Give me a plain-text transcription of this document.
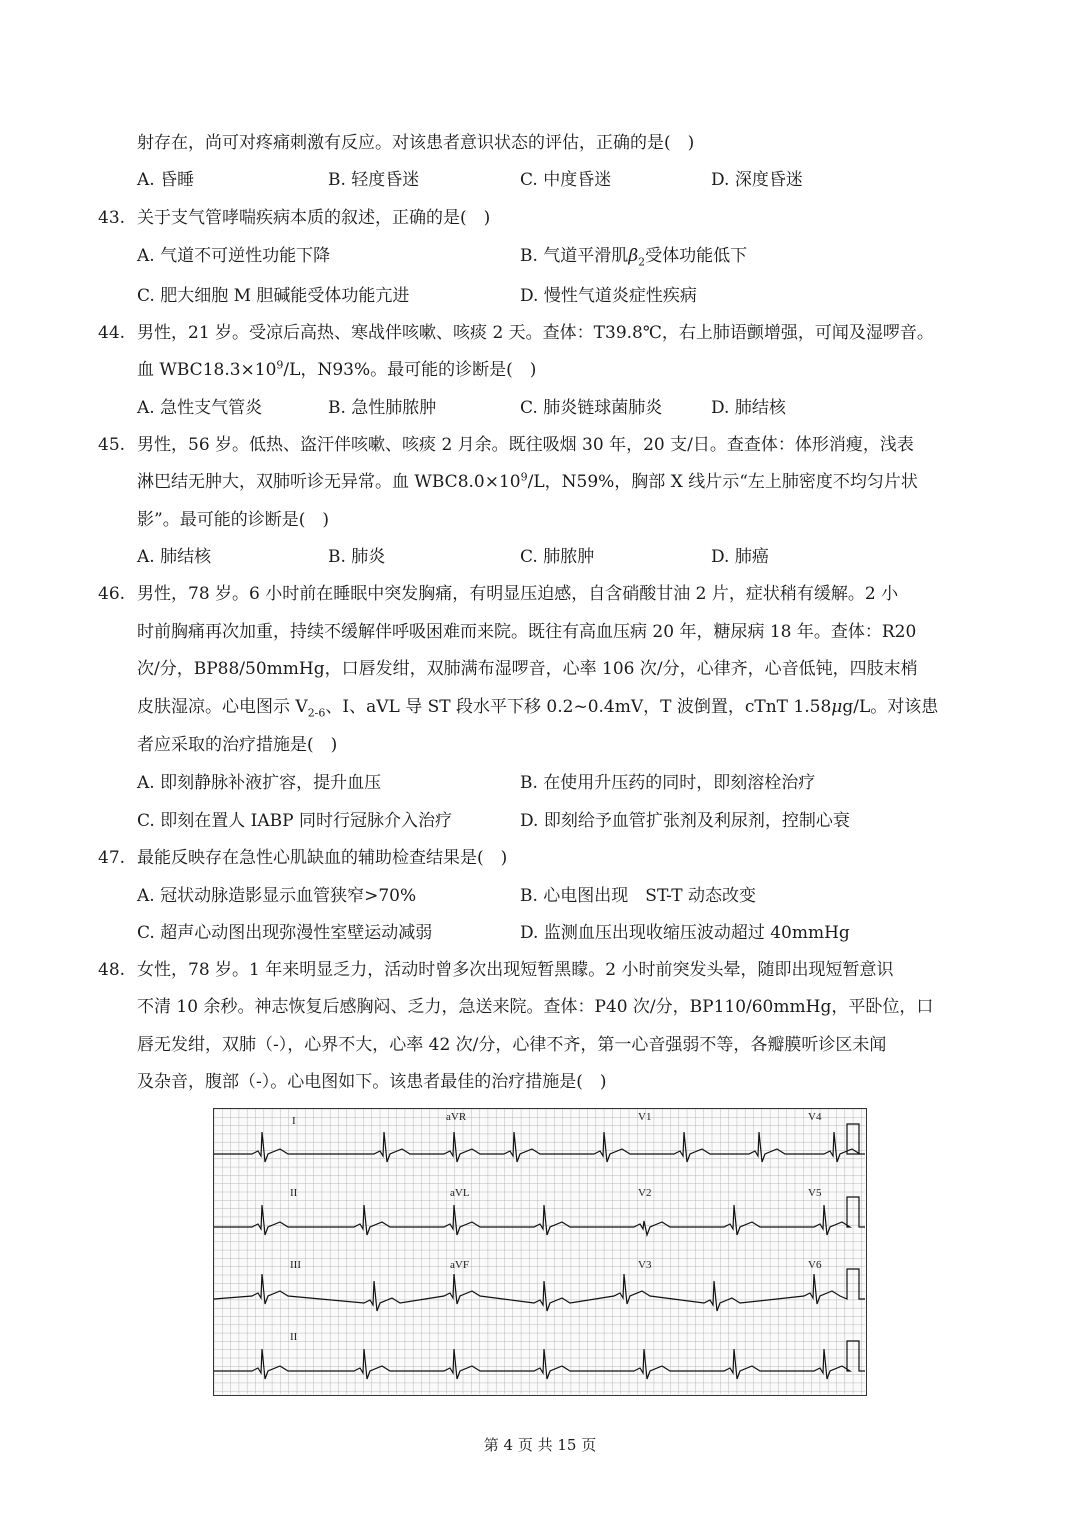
射存在，尚可对疼痛刺激有反应。对该患者意识状态的评估，正确的是(　)
A. 昏睡	B. 轻度昏迷	C. 中度昏迷	D. 深度昏迷
43. 关于支气管哮喘疾病本质的叙述，正确的是(　)
A. 气道不可逆性功能下降	B. 气道平滑肌$\beta_2$受体功能低下
C. 肥大细胞 M 胆碱能受体功能亢进	D. 慢性气道炎症性疾病
44. 男性，21 岁。受凉后高热、寒战伴咳嗽、咳痰 2 天。查体：T39.8℃，右上肺语颤增强，可闻及湿啰音。
血 $WBC18.3\times 10^9/L$，N93%。最可能的诊断是(　)
A. 急性支气管炎	B. 急性肺脓肿	C. 肺炎链球菌肺炎	D. 肺结核
45. 男性，56 岁。低热、盗汗伴咳嗽、咳痰 2 月余。既往吸烟 30 年，20 支/日。查查体：体形消瘦，浅表
淋巴结无肿大，双肺听诊无异常。血 $WBC8.0\times 10^9/L$，N59%，胸部 X 线片示“左上肺密度不均匀片状
影”。最可能的诊断是(　)
A. 肺结核	B. 肺炎	C. 肺脓肿	D. 肺癌
46. 男性，78 岁。6 小时前在睡眠中突发胸痛，有明显压迫感，自含硝酸甘油 2 片，症状稍有缓解。2 小
时前胸痛再次加重，持续不缓解伴呼吸困难而来院。既往有高血压病 20 年，糖尿病 18 年。查体：R20
次/分，BP88/50mmHg，口唇发绀，双肺满布湿啰音，心率 106 次/分，心律齐，心音低钝，四肢末梢
皮肤湿凉。心电图示 $V_{2-6}$、I、aVL 导 ST 段水平下移 0.2~0.4mV，T 波倒置，cTnT 1.58μg/L。对该患
者应采取的治疗措施是(　)
A. 即刻静脉补液扩容，提升血压	B. 在使用升压药的同时，即刻溶栓治疗
C. 即刻在置人 IABP 同时行冠脉介入治疗	D. 即刻给予血管扩张剂及利尿剂，控制心衰
47. 最能反映存在急性心肌缺血的辅助检查结果是(　)
A. 冠状动脉造影显示血管狭窄>70%	B. 心电图出现　ST-T 动态改变
C. 超声心动图出现弥漫性室壁运动减弱	D. 监测血压出现收缩压波动超过 40mmHg
48. 女性，78 岁。1 年来明显乏力，活动时曾多次出现短暂黑矇。2 小时前突发头晕，随即出现短暂意识
不清 10 余秒。神志恢复后感胸闷、乏力，急送来院。查体：P40 次/分，BP110/60mmHg，平卧位，口
唇无发绀，双肺（-），心界不大，心率 42 次/分，心律不齐，第一心音强弱不等，各瓣膜听诊区未闻
及杂音，腹部（-）。心电图如下。该患者最佳的治疗措施是(　)
I	aVR	V1	V4
II	aVL	V2	V5
III	aVF	V3	V6
II
第 4 页 共 15 页
